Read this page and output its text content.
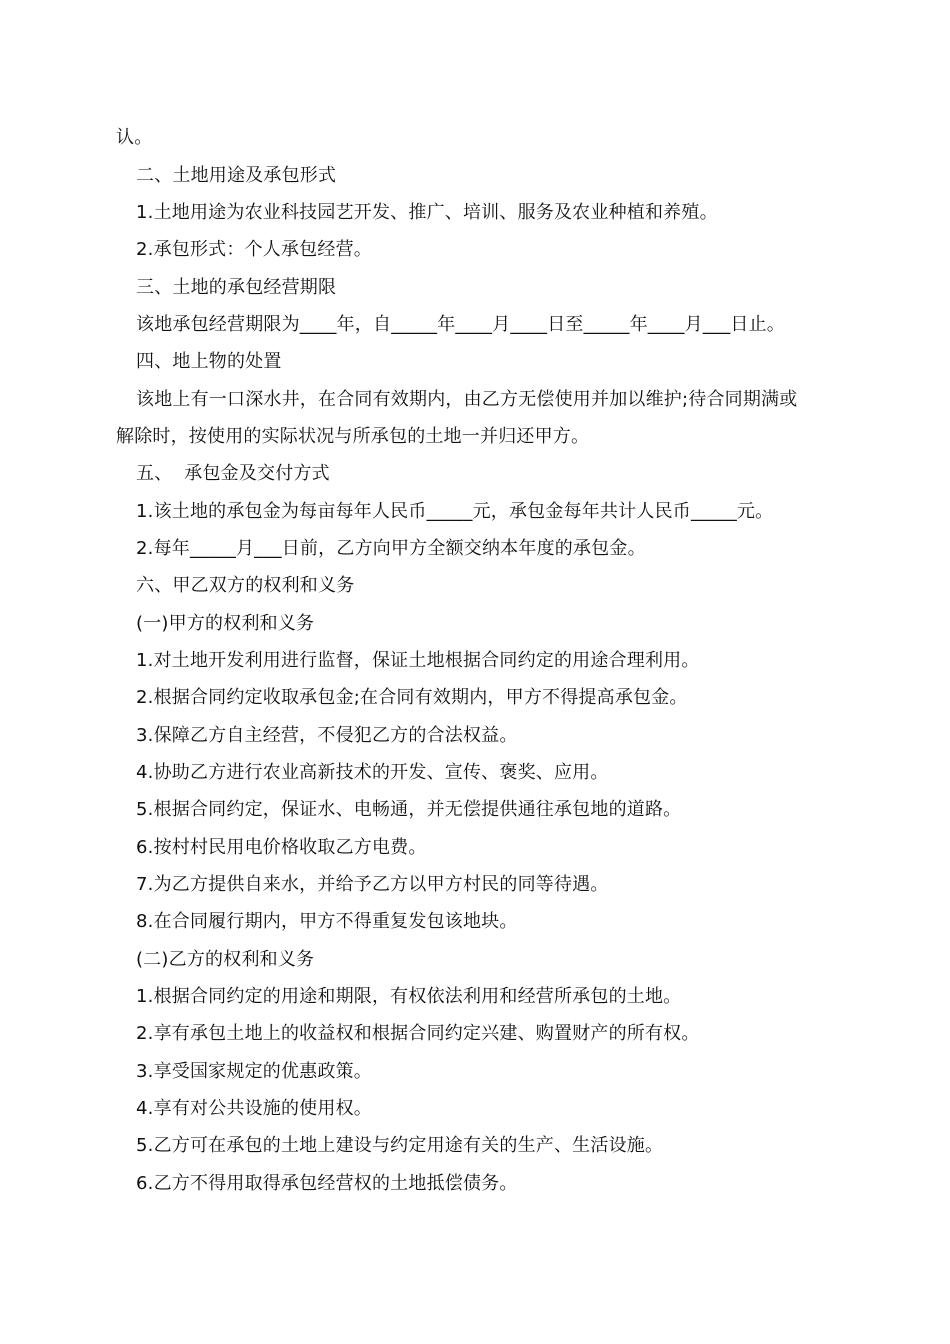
认。
二、土地用途及承包形式
1.土地用途为农业科技园艺开发、推广、培训、服务及农业种植和养殖。
2.承包形式：个人承包经营。
三、土地的承包经营期限
该地承包经营期限为____年，自_____年____月____日至_____年____月___日止。
四、地上物的处置
该地上有一口深水井，在合同有效期内，由乙方无偿使用并加以维护;待合同期满或
解除时，按使用的实际状况与所承包的土地一并归还甲方。
五、  承包金及交付方式
1.该土地的承包金为每亩每年人民币_____元，承包金每年共计人民币_____元。
2.每年_____月___日前，乙方向甲方全额交纳本年度的承包金。
六、甲乙双方的权利和义务
(一)甲方的权利和义务
1.对土地开发利用进行监督，保证土地根据合同约定的用途合理利用。
2.根据合同约定收取承包金;在合同有效期内，甲方不得提高承包金。
3.保障乙方自主经营，不侵犯乙方的合法权益。
4.协助乙方进行农业高新技术的开发、宣传、褒奖、应用。
5.根据合同约定，保证水、电畅通，并无偿提供通往承包地的道路。
6.按村村民用电价格收取乙方电费。
7.为乙方提供自来水，并给予乙方以甲方村民的同等待遇。
8.在合同履行期内，甲方不得重复发包该地块。
(二)乙方的权利和义务
1.根据合同约定的用途和期限，有权依法利用和经营所承包的土地。
2.享有承包土地上的收益权和根据合同约定兴建、购置财产的所有权。
3.享受国家规定的优惠政策。
4.享有对公共设施的使用权。
5.乙方可在承包的土地上建设与约定用途有关的生产、生活设施。
6.乙方不得用取得承包经营权的土地抵偿债务。
